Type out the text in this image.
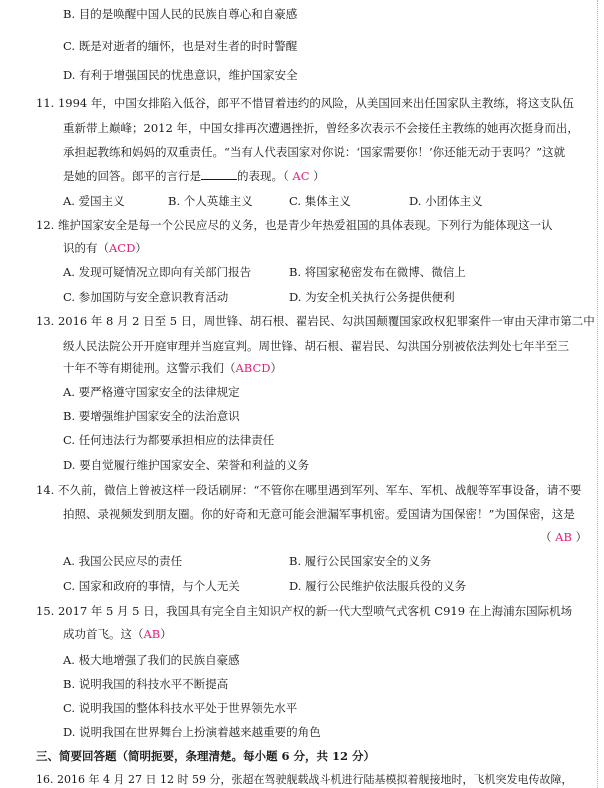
B. 目的是唤醒中国人民的民族自尊心和自豪感
C. 既是对逝者的缅怀，也是对生者的时时警醒
D. 有利于增强国民的忧患意识，维护国家安全
11. 1994 年，中国女排陷入低谷，郎平不惜冒着违约的风险，从美国回来出任国家队主教练，将这支队伍
重新带上巅峰；2012 年，中国女排再次遭遇挫折，曾经多次表示不会接任主教练的她再次挺身而出，
承担起教练和妈妈的双重责任。“当有人代表国家对你说：‘国家需要你！’你还能无动于衷吗？”这就
是她的回答。郎平的言行是	的表现。（ AC ）
A. 爱国主义	B. 个人英雄主义	C. 集体主义	D. 小团体主义
12. 维护国家安全是每一个公民应尽的义务，也是青少年热爱祖国的具体表现。下列行为能体现这一认
识的有（ACD）
A. 发现可疑情况立即向有关部门报告	B. 将国家秘密发布在微博、微信上
C. 参加国防与安全意识教育活动	D. 为安全机关执行公务提供便利
13. 2016 年 8 月 2 日至 5 日，周世锋、胡石根、翟岩民、勾洪国颠覆国家政权犯罪案件一审由天津市第二中
级人民法院公开开庭审理并当庭宣判。周世锋、胡石根、翟岩民、勾洪国分别被依法判处七年半至三
十年不等有期徒刑。这警示我们（ABCD）
A. 要严格遵守国家安全的法律规定
B. 要增强维护国家安全的法治意识
C. 任何违法行为都要承担相应的法律责任
D. 要自觉履行维护国家安全、荣誉和利益的义务
14. 不久前，微信上曾被这样一段话刷屏：“不管你在哪里遇到军列、军车、军机、战舰等军事设备，请不要
拍照、录视频发到朋友圈。你的好奇和无意可能会泄漏军事机密。爱国请为国保密！”为国保密，这是
（ AB ）
A. 我国公民应尽的责任	B. 履行公民国家安全的义务
C. 国家和政府的事情，与个人无关	D. 履行公民维护依法服兵役的义务
15. 2017 年 5 月 5 日，我国具有完全自主知识产权的新一代大型喷气式客机 C919 在上海浦东国际机场
成功首飞。这（AB）
A. 极大地增强了我们的民族自豪感
B. 说明我国的科技水平不断提高
C. 说明我国的整体科技水平处于世界领先水平
D. 说明我国在世界舞台上扮演着越来越重要的角色
三、简要回答题（简明扼要，条理清楚。每小题 6 分，共 12 分）
16. 2016 年 4 月 27 日 12 时 59 分，张超在驾驶舰载战斗机进行陆基模拟着舰接地时，飞机突发电传故障，
